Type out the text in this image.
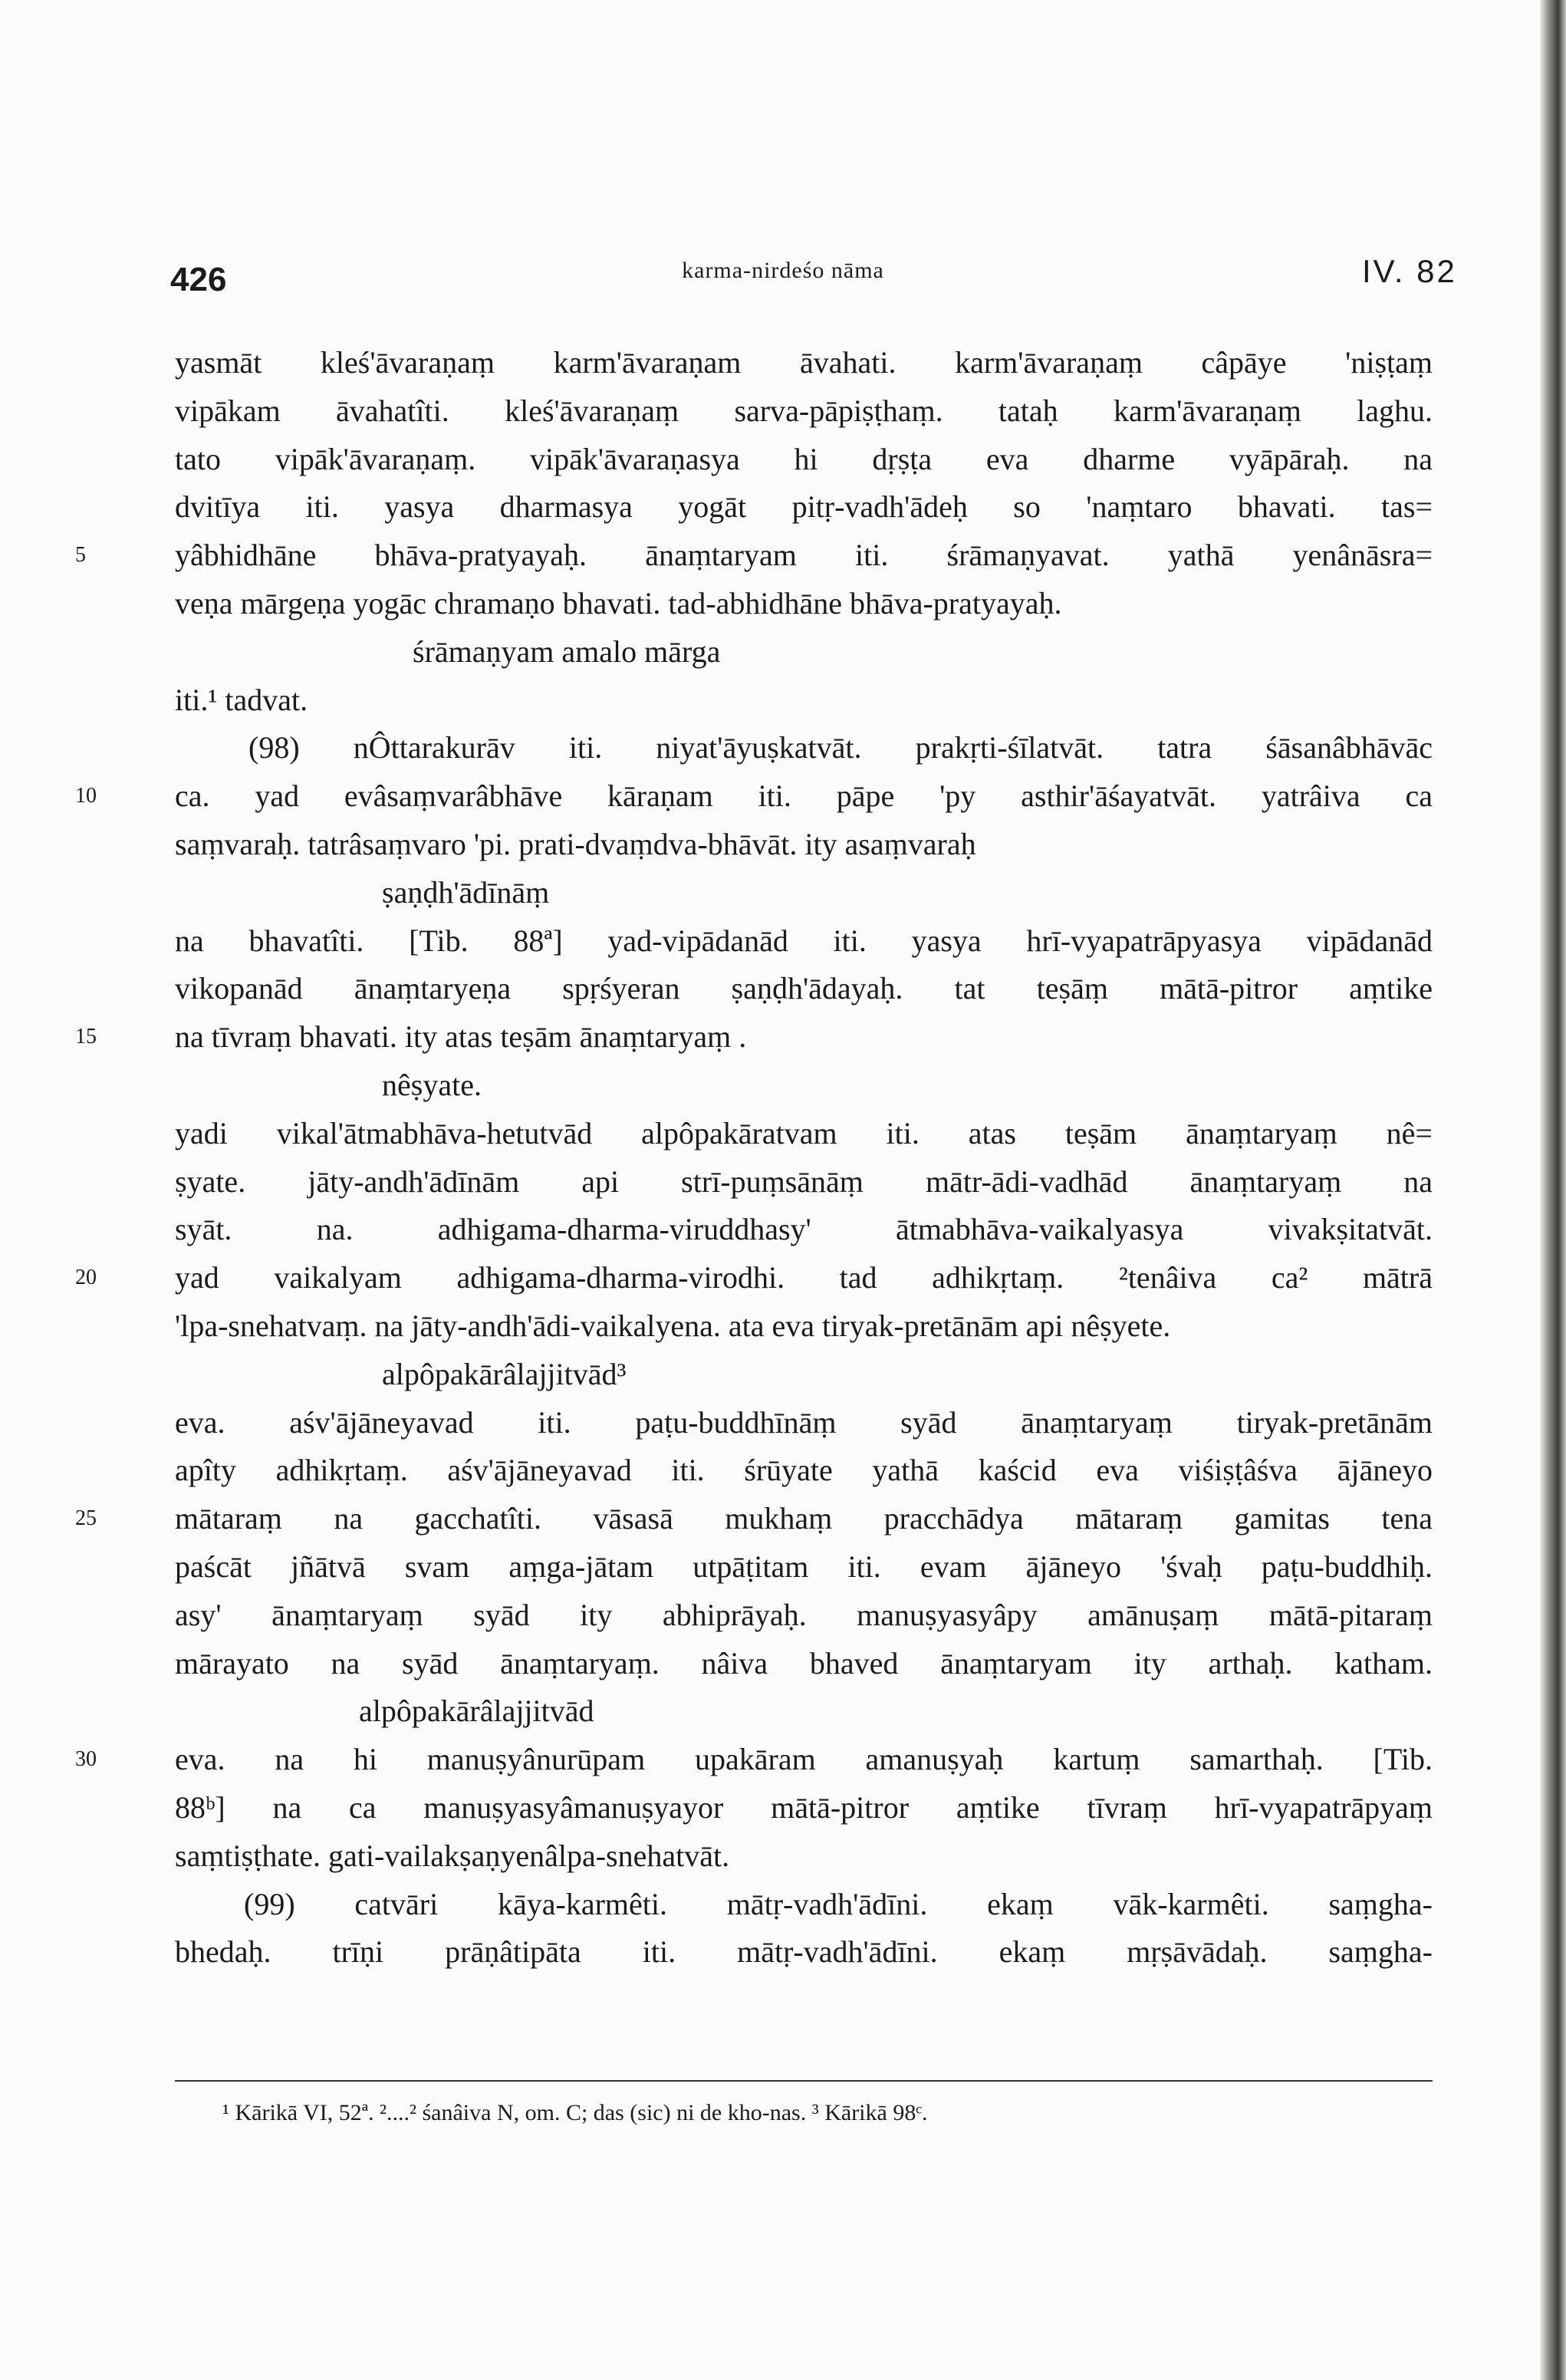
426	karma-nirdeśo nāma	IV. 82
yasmāt kleś'āvaraṇaṃ karm'āvaraṇam āvahati. karm'āvaraṇaṃ câpāye 'niṣṭaṃ
vipākam āvahatîti. kleś'āvaraṇaṃ sarva-pāpiṣṭhaṃ. tataḥ karm'āvaraṇaṃ laghu.
tato vipāk'āvaraṇaṃ. vipāk'āvaraṇasya hi dṛṣṭa eva dharme vyāpāraḥ. na
dvitīya iti. yasya dharmasya yogāt pitṛ-vadh'ādeḥ so 'naṃtaro bhavati. tas=
5	yâbhidhāne bhāva-pratyayaḥ. ānaṃtaryam iti. śrāmaṇyavat. yathā yenânāsra=
veṇa mārgeṇa yogāc chramaṇo bhavati. tad-abhidhāne bhāva-pratyayaḥ.
śrāmaṇyam amalo mārga
iti.¹ tadvat.
(98) nÔttarakurāv iti. niyat'āyuṣkatvāt. prakṛti-śīlatvāt. tatra śāsanâbhāvāc
10	ca. yad evâsaṃvarâbhāve kāraṇam iti. pāpe 'py asthir'āśayatvāt. yatrâiva ca
saṃvaraḥ. tatrâsaṃvaro 'pi. prati-dvaṃdva-bhāvāt. ity asaṃvaraḥ
ṣaṇḍh'ādīnāṃ
na bhavatîti. [Tib. 88ª] yad-vipādanād iti. yasya hrī-vyapatrāpyasya vipādanād
vikopanād ānaṃtaryeṇa spṛśyeran ṣaṇḍh'ādayaḥ. tat teṣāṃ mātā-pitror aṃtike
15	na tīvraṃ bhavati. ity atas teṣām ānaṃtaryaṃ .
nêṣyate.
yadi vikal'ātmabhāva-hetutvād alpôpakāratvam iti. atas teṣām ānaṃtaryaṃ nê=
ṣyate. jāty-andh'ādīnām api strī-puṃsānāṃ mātr-ādi-vadhād ānaṃtaryaṃ na
syāt. na. adhigama-dharma-viruddhasy' ātmabhāva-vaikalyasya vivakṣitatvāt.
20	yad vaikalyam adhigama-dharma-virodhi. tad adhikṛtaṃ. ²tenâiva ca² mātrā
'lpa-snehatvaṃ. na jāty-andh'ādi-vaikalyena. ata eva tiryak-pretānām api nêṣyete.
alpôpakārâlajjitvād³
eva. aśv'ājāneyavad iti. paṭu-buddhīnāṃ syād ānaṃtaryaṃ tiryak-pretānām
apîty adhikṛtaṃ. aśv'ājāneyavad iti. śrūyate yathā kaścid eva viśiṣṭâśva ājāneyo
25	mātaraṃ na gacchatîti. vāsasā mukhaṃ pracchādya mātaraṃ gamitas tena
paścāt jñātvā svam aṃga-jātam utpāṭitam iti. evam ājāneyo 'śvaḥ paṭu-buddhiḥ.
asy' ānaṃtaryaṃ syād ity abhiprāyaḥ. manuṣyasyâpy amānuṣaṃ mātā-pitaraṃ
mārayato na syād ānaṃtaryaṃ. nâiva bhaved ānaṃtaryam ity arthaḥ. katham.
alpôpakārâlajjitvād
30	eva. na hi manuṣyânurūpam upakāram amanuṣyaḥ kartuṃ samarthaḥ. [Tib.
88ᵇ] na ca manuṣyasyâmanuṣyayor mātā-pitror aṃtike tīvraṃ hrī-vyapatrāpyaṃ
saṃtiṣṭhate. gati-vailakṣaṇyenâlpa-snehatvāt.
(99) catvāri kāya-karmêti. mātṛ-vadh'ādīni. ekaṃ vāk-karmêti. saṃgha-
bhedaḥ. trīṇi prāṇâtipāta iti. mātṛ-vadh'ādīni. ekaṃ mṛṣāvādaḥ. saṃgha-
¹ Kārikā VI, 52ª. ²....² śanâiva N, om. C; das (sic) ni de kho-nas. ³ Kārikā 98ᶜ.
